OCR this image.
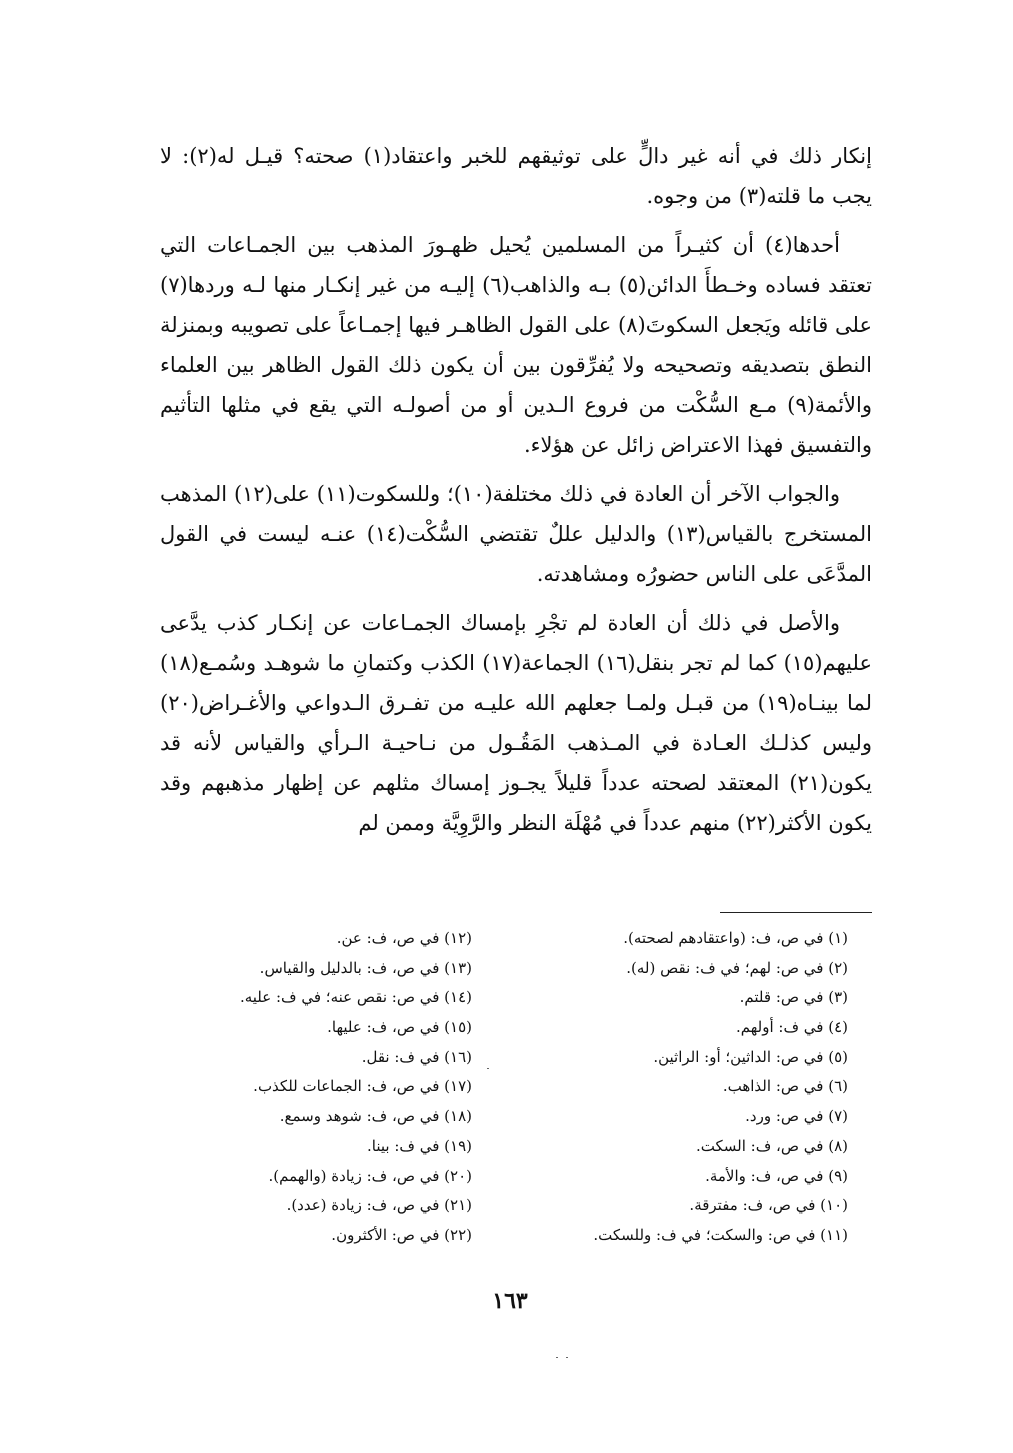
إنكار ذلك في أنه غير دالٍّ على توثيقهم للخبر واعتقاد(١) صحته؟ قيـل له(٢): لا يجب ما قلته(٣) من وجوه.

أحدها(٤) أن كثيـراً من المسلمين يُحيل ظهـورَ المذهب بين الجمـاعات التي تعتقد فساده وخـطأَ الدائن(٥) بـه والذاهب(٦) إليـه من غير إنكـار منها لـه وردها(٧) على قائله ويَجعل السكوتَ(٨) على القول الظاهـر فيها إجمـاعاً على تصويبه وبمنزلة النطق بتصديقه وتصحيحه ولا يُفرِّقون بين أن يكون ذلك القول الظاهر بين العلماء والأئمة(٩) مـع السُّكْت من فروع الـدين أو من أصولـه التي يقع في مثلها التأثيم والتفسيق فهذا الاعتراض زائل عن هؤلاء.

والجواب الآخر أن العادة في ذلك مختلفة(١٠)؛ وللسكوت(١١) على(١٢) المذهب المستخرج بالقياس(١٣) والدليل عللٌ تقتضي السُّكْت(١٤) عنـه ليست في القول المدَّعَى على الناس حضورُه ومشاهدته.

والأصل في ذلك أن العادة لم تجْرِ بإمساك الجمـاعات عن إنكـار كذب يدَّعى عليهم(١٥) كما لم تجر بنقل(١٦) الجماعة(١٧) الكذب وكتمانِ ما شوهـد وسُمـع(١٨) لما بينـاه(١٩) من قبـل ولمـا جعلهم الله عليـه من تفـرق الـدواعي والأغـراض(٢٠) وليس كذلـك العـادة في المـذهب المَقُـول من نـاحيـة الـرأي والقياس لأنه قد يكون(٢١) المعتقد لصحته عدداً قليلاً يجـوز إمساك مثلهم عن إظهار مذهبهم وقد يكون الأكثر(٢٢) منهم عدداً في مُهْلَة النظر والرَّوِيَّة وممن لم

(١) في ص، ف: (واعتقادهم لصحته).
(٢) في ص: لهم؛ في ف: نقص (له).
(٣) في ص: قلتم.
(٤) في ف: أولهم.
(٥) في ص: الداثين؛ أو: الراثين.
(٦) في ص: الذاهب.
(٧) في ص: ورد.
(٨) في ص، ف: السكت.
(٩) في ص، ف: والأمة.
(١٠) في ص، ف: مفترقة.
(١١) في ص: والسكت؛ في ف: وللسكت.
(١٢) في ص، ف: عن.
(١٣) في ص، ف: بالدليل والقياس.
(١٤) في ص: نقص عنه؛ في ف: عليه.
(١٥) في ص، ف: عليها.
(١٦) في ف: نقل.
(١٧) في ص، ف: الجماعات للكذب.
(١٨) في ص، ف: شوهد وسمع.
(١٩) في ف: بينا.
(٢٠) في ص، ف: زيادة (والهمم).
(٢١) في ص، ف: زيادة (عدد).
(٢٢) في ص: الأكثرون.
١٦٣
